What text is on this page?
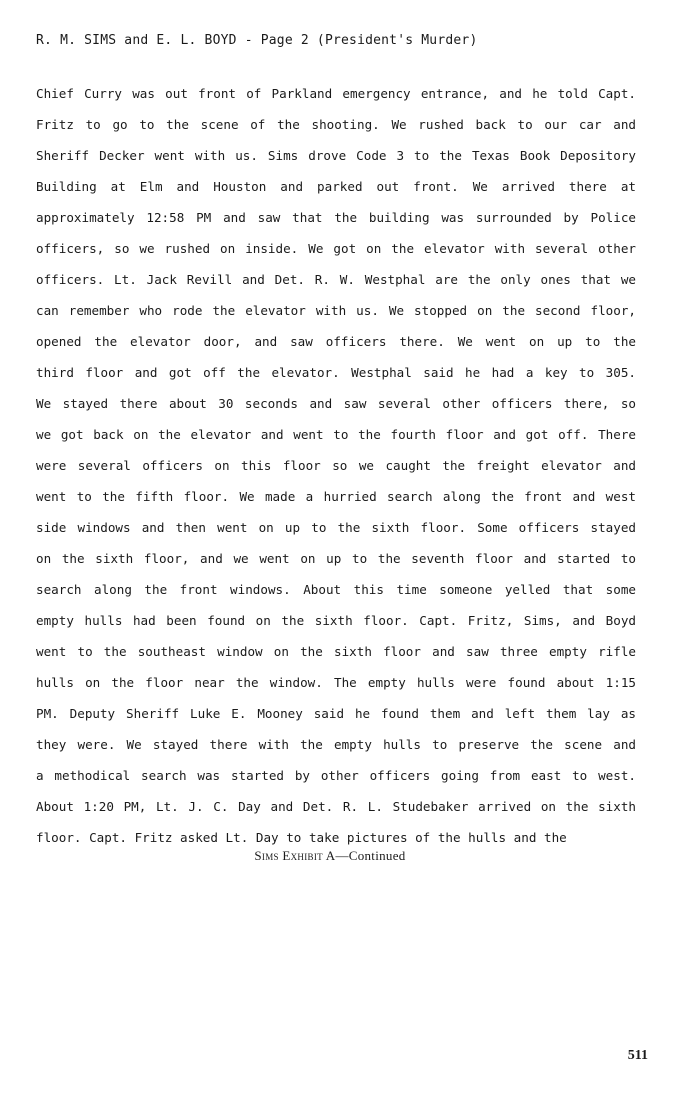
R. M. SIMS and E. L. BOYD - Page 2 (President's Murder)
Chief Curry was out front of Parkland emergency entrance, and he told Capt.
Fritz to go to the scene of the shooting. We rushed back to our car and
Sheriff Decker went with us. Sims drove Code 3 to the Texas Book Depository
Building at Elm and Houston and parked out front. We arrived there at
approximately 12:58 PM and saw that the building was surrounded by Police
officers, so we rushed on inside. We got on the elevator with several other
officers. Lt. Jack Revill and Det. R. W. Westphal are the only ones that we
can remember who rode the elevator with us. We stopped on the second floor,
opened the elevator door, and saw officers there. We went on up to the
third floor and got off the elevator. Westphal said he had a key to 305.
We stayed there about 30 seconds and saw several other officers there, so
we got back on the elevator and went to the fourth floor and got off. There
were several officers on this floor so we caught the freight elevator and
went to the fifth floor. We made a hurried search along the front and west
side windows and then went on up to the sixth floor. Some officers stayed
on the sixth floor, and we went on up to the seventh floor and started to
search along the front windows. About this time someone yelled that some
empty hulls had been found on the sixth floor. Capt. Fritz, Sims, and Boyd
went to the southeast window on the sixth floor and saw three empty rifle
hulls on the floor near the window. The empty hulls were found about 1:15
PM. Deputy Sheriff Luke E. Mooney said he found them and left them lay as
they were. We stayed there with the empty hulls to preserve the scene and
a methodical search was started by other officers going from east to west.
About 1:20 PM, Lt. J. C. Day and Det. R. L. Studebaker arrived on the sixth
floor. Capt. Fritz asked Lt. Day to take pictures of the hulls and the
Sims Exhibit A—Continued
511
